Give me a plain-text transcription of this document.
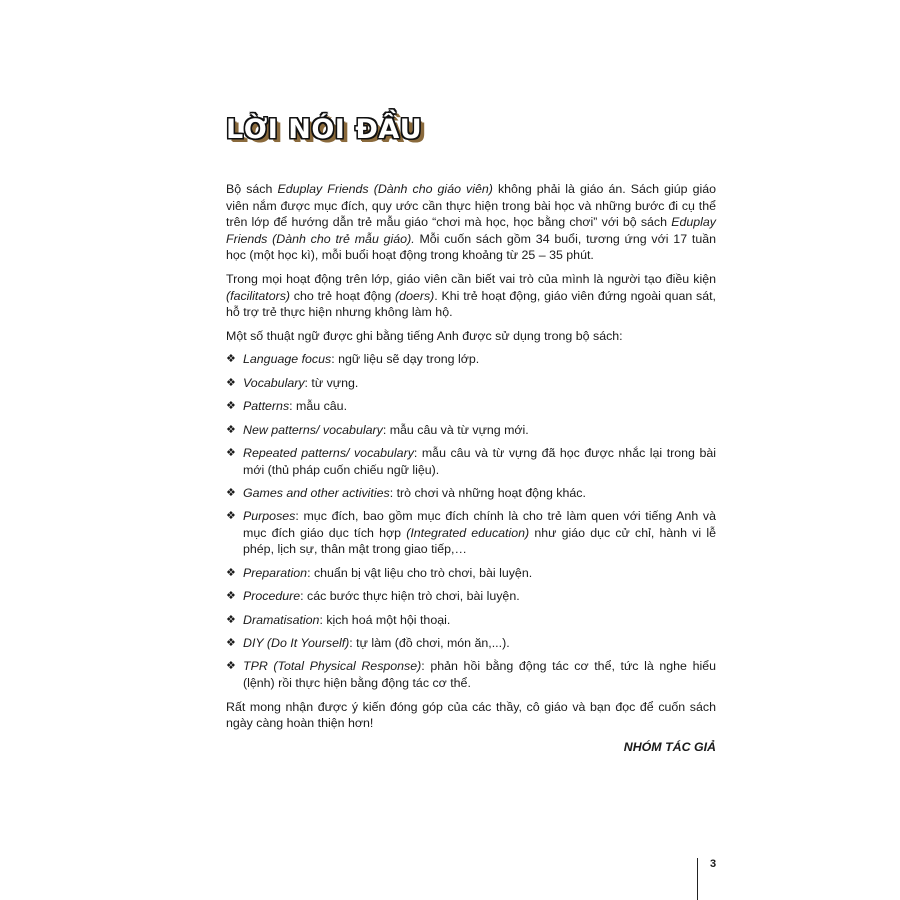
LỜI NÓI ĐẦU

Bộ sách Eduplay Friends (Dành cho giáo viên) không phải là giáo án. Sách giúp giáo viên nắm được mục đích, quy ước cần thực hiện trong bài học và những bước đi cụ thể trên lớp để hướng dẫn trẻ mẫu giáo “chơi mà học, học bằng chơi” với bộ sách Eduplay Friends (Dành cho trẻ mẫu giáo). Mỗi cuốn sách gồm 34 buổi, tương ứng với 17 tuần học (một học kì), mỗi buổi hoạt động trong khoảng từ 25 – 35 phút.

Trong mọi hoạt động trên lớp, giáo viên cần biết vai trò của mình là người tạo điều kiện (facilitators) cho trẻ hoạt động (doers). Khi trẻ hoạt động, giáo viên đứng ngoài quan sát, hỗ trợ trẻ thực hiện nhưng không làm hộ.

Một số thuật ngữ được ghi bằng tiếng Anh được sử dụng trong bộ sách:

❖ Language focus: ngữ liệu sẽ dạy trong lớp.
❖ Vocabulary: từ vựng.
❖ Patterns: mẫu câu.
❖ New patterns/ vocabulary: mẫu câu và từ vựng mới.
❖ Repeated patterns/ vocabulary: mẫu câu và từ vựng đã học được nhắc lại trong bài mới (thủ pháp cuốn chiếu ngữ liệu).
❖ Games and other activities: trò chơi và những hoạt động khác.
❖ Purposes: mục đích, bao gồm mục đích chính là cho trẻ làm quen với tiếng Anh và mục đích giáo dục tích hợp (Integrated education) như giáo dục cử chỉ, hành vi lễ phép, lịch sự, thân mật trong giao tiếp,…
❖ Preparation: chuẩn bị vật liệu cho trò chơi, bài luyện.
❖ Procedure: các bước thực hiện trò chơi, bài luyện.
❖ Dramatisation: kịch hoá một hội thoại.
❖ DIY (Do It Yourself): tự làm (đồ chơi, món ăn,...).
❖ TPR (Total Physical Response): phản hồi bằng động tác cơ thể, tức là nghe hiểu (lệnh) rồi thực hiện bằng động tác cơ thể.

Rất mong nhận được ý kiến đóng góp của các thầy, cô giáo và bạn đọc để cuốn sách ngày càng hoàn thiện hơn!

NHÓM TÁC GIẢ
3
